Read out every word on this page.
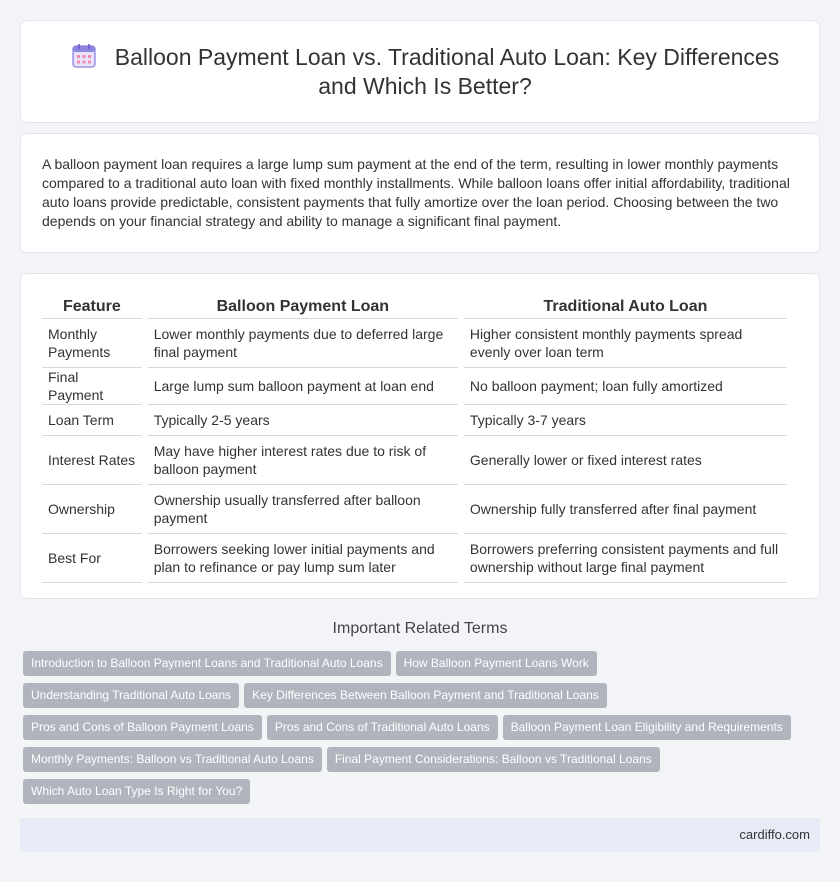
Balloon Payment Loan vs. Traditional Auto Loan: Key Differences and Which Is Better?

A balloon payment loan requires a large lump sum payment at the end of the term, resulting in lower monthly payments compared to a traditional auto loan with fixed monthly installments. While balloon loans offer initial affordability, traditional auto loans provide predictable, consistent payments that fully amortize over the loan period. Choosing between the two depends on your financial strategy and ability to manage a significant final payment.

Feature	Balloon Payment Loan	Traditional Auto Loan
Monthly Payments	Lower monthly payments due to deferred large final payment	Higher consistent monthly payments spread evenly over loan term
Final Payment	Large lump sum balloon payment at loan end	No balloon payment; loan fully amortized
Loan Term	Typically 2-5 years	Typically 3-7 years
Interest Rates	May have higher interest rates due to risk of balloon payment	Generally lower or fixed interest rates
Ownership	Ownership usually transferred after balloon payment	Ownership fully transferred after final payment
Best For	Borrowers seeking lower initial payments and plan to refinance or pay lump sum later	Borrowers preferring consistent payments and full ownership without large final payment
Important Related Terms
Introduction to Balloon Payment Loans and Traditional Auto Loans How Balloon Payment Loans Work
Understanding Traditional Auto Loans Key Differences Between Balloon Payment and Traditional Loans
Pros and Cons of Balloon Payment Loans Pros and Cons of Traditional Auto Loans Balloon Payment Loan Eligibility and Requirements
Monthly Payments: Balloon vs Traditional Auto Loans Final Payment Considerations: Balloon vs Traditional Loans
Which Auto Loan Type Is Right for You?
cardiffo.com
